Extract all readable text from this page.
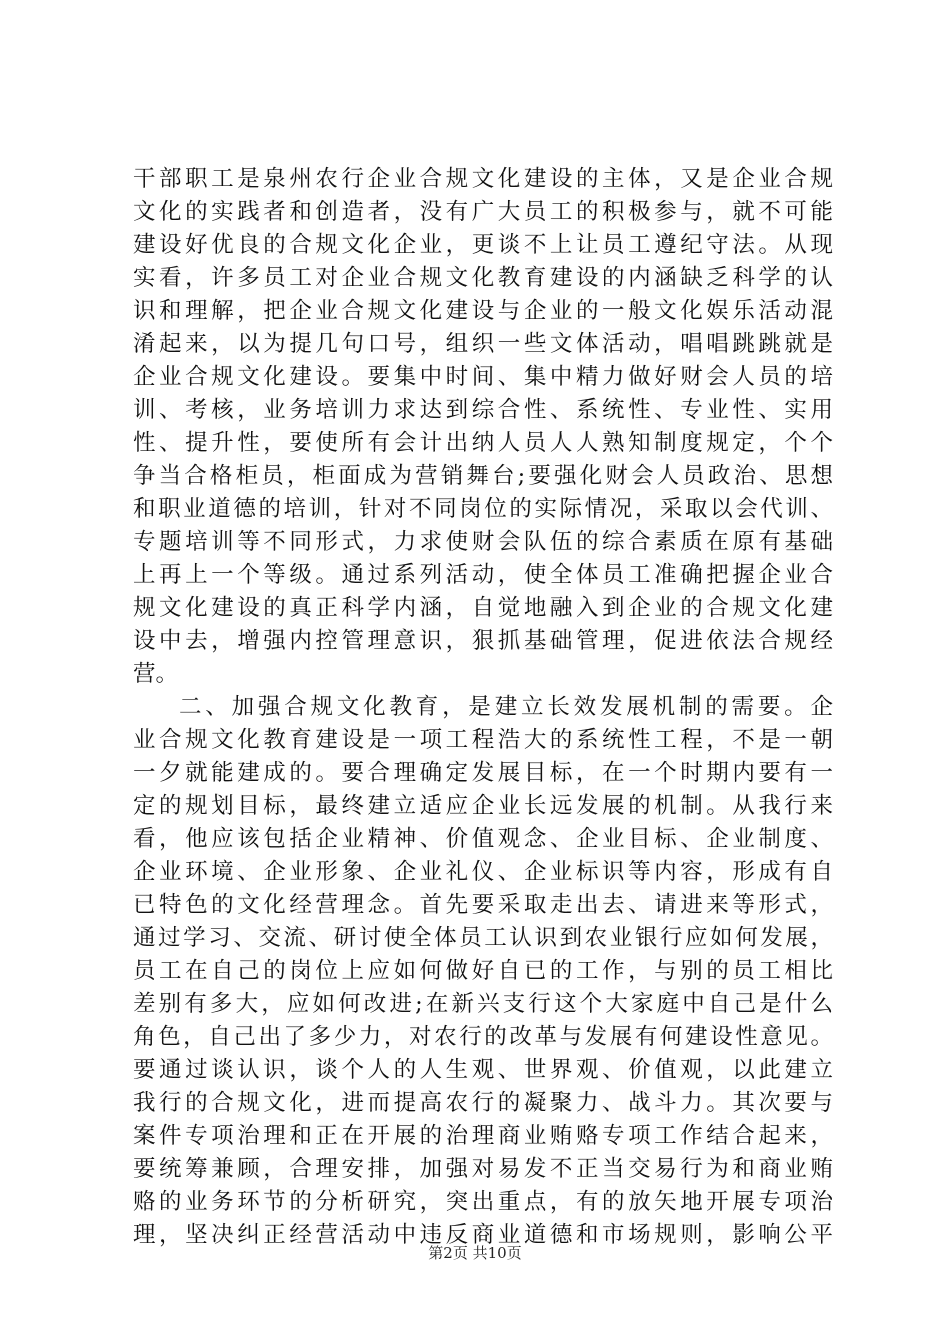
干部职工是泉州农行企业合规文化建设的主体，又是企业合规
文化的实践者和创造者，没有广大员工的积极参与，就不可能
建设好优良的合规文化企业，更谈不上让员工遵纪守法。从现
实看，许多员工对企业合规文化教育建设的内涵缺乏科学的认
识和理解，把企业合规文化建设与企业的一般文化娱乐活动混
淆起来，以为提几句口号，组织一些文体活动，唱唱跳跳就是
企业合规文化建设。要集中时间、集中精力做好财会人员的培
训、考核，业务培训力求达到综合性、系统性、专业性、实用
性、提升性，要使所有会计出纳人员人人熟知制度规定，个个
争当合格柜员，柜面成为营销舞台;要强化财会人员政治、思想
和职业道德的培训，针对不同岗位的实际情况，采取以会代训、
专题培训等不同形式，力求使财会队伍的综合素质在原有基础
上再上一个等级。通过系列活动，使全体员工准确把握企业合
规文化建设的真正科学内涵，自觉地融入到企业的合规文化建
设中去，增强内控管理意识，狠抓基础管理，促进依法合规经
营。
二、加强合规文化教育，是建立长效发展机制的需要。企
业合规文化教育建设是一项工程浩大的系统性工程，不是一朝
一夕就能建成的。要合理确定发展目标，在一个时期内要有一
定的规划目标，最终建立适应企业长远发展的机制。从我行来
看，他应该包括企业精神、价值观念、企业目标、企业制度、
企业环境、企业形象、企业礼仪、企业标识等内容，形成有自
已特色的文化经营理念。首先要采取走出去、请进来等形式，
通过学习、交流、研讨使全体员工认识到农业银行应如何发展，
员工在自己的岗位上应如何做好自已的工作，与别的员工相比
差别有多大，应如何改进;在新兴支行这个大家庭中自己是什么
角色，自己出了多少力，对农行的改革与发展有何建设性意见。
要通过谈认识，谈个人的人生观、世界观、价值观，以此建立
我行的合规文化，进而提高农行的凝聚力、战斗力。其次要与
案件专项治理和正在开展的治理商业贿赂专项工作结合起来，
要统筹兼顾，合理安排，加强对易发不正当交易行为和商业贿
赂的业务环节的分析研究，突出重点，有的放矢地开展专项治
理，坚决纠正经营活动中违反商业道德和市场规则，影响公平
第2页 共10页
